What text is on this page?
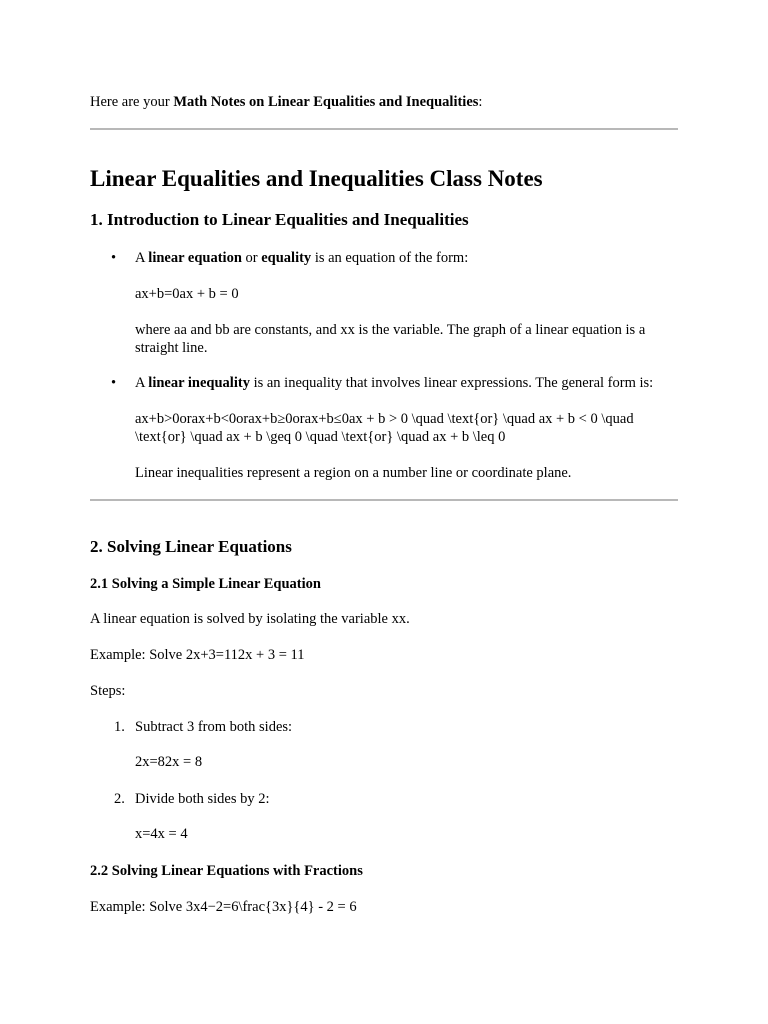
Here are your Math Notes on Linear Equalities and Inequalities:
Linear Equalities and Inequalities Class Notes
1. Introduction to Linear Equalities and Inequalities
• A linear equation or equality is an equation of the form:

ax+b=0ax + b = 0

where aa and bb are constants, and xx is the variable. The graph of a linear equation is a straight line.

• A linear inequality is an inequality that involves linear expressions. The general form is:

ax+b>0orax+b<0orax+b≥0orax+b≤0ax + b > 0 \quad \text{or} \quad ax + b < 0 \quad \text{or} \quad ax + b \geq 0 \quad \text{or} \quad ax + b \leq 0

Linear inequalities represent a region on a number line or coordinate plane.

2. Solving Linear Equations
2.1 Solving a Simple Linear Equation

A linear equation is solved by isolating the variable xx.

Example: Solve 2x+3=112x + 3 = 11

Steps:

1. Subtract 3 from both sides:

2x=82x = 8

2. Divide both sides by 2:

x=4x = 4

2.2 Solving Linear Equations with Fractions

Example: Solve 3x4−2=6\frac{3x}{4} - 2 = 6
